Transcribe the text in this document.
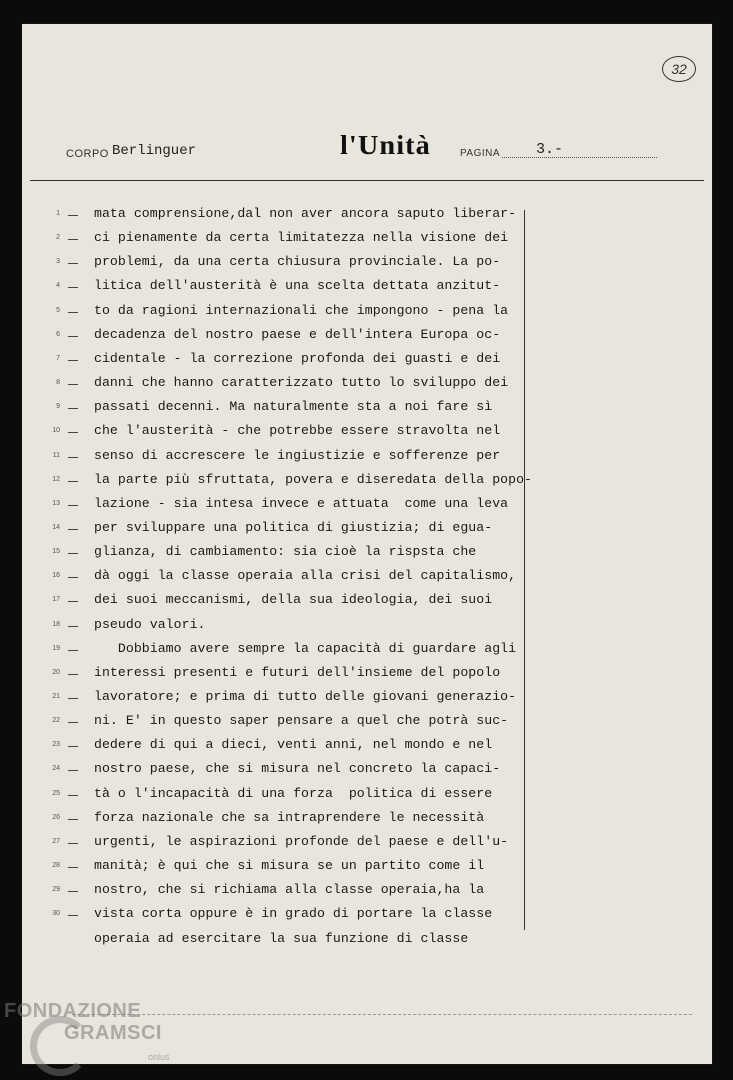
32
CORPO Berlinguer	l'Unità	PAGINA 3.-
1
2
3
4
5
6
7
8
9
10
11
12
13
14
15
16
17
18
19
20
21
22
23
24
25
26
27
28
29
30
mata comprensione,dal non aver ancora saputo liberar-
ci pienamente da certa limitatezza nella visione dei
problemi, da una certa chiusura provinciale. La po-
litica dell'austerità è una scelta dettata anzitut-
to da ragioni internazionali che impongono - pena la
decadenza del nostro paese e dell'intera Europa oc-
cidentale - la correzione profonda dei guasti e dei
danni che hanno caratterizzato tutto lo sviluppo dei
passati decenni. Ma naturalmente sta a noi fare sì
che l'austerità - che potrebbe essere stravolta nel
senso di accrescere le ingiustizie e sofferenze per
la parte più sfruttata, povera e diseredata della popo-
lazione - sia intesa invece e attuata  come una leva
per sviluppare una politica di giustizia; di egua-
glianza, di cambiamento: sia cioè la rispsta che
dà oggi la classe operaia alla crisi del capitalismo,
dei suoi meccanismi, della sua ideologia, dei suoi
pseudo valori.
Dobbiamo avere sempre la capacità di guardare agli
interessi presenti e futuri dell'insieme del popolo
lavoratore; e prima di tutto delle giovani generazio-
ni. E' in questo saper pensare a quel che potrà suc-
dedere di qui a dieci, venti anni, nel mondo e nel
nostro paese, che si misura nel concreto la capaci-
tà o l'incapacità di una forza  politica di essere
forza nazionale che sa intraprendere le necessità
urgenti, le aspirazioni profonde del paese e dell'u-
manità; è qui che si misura se un partito come il
nostro, che si richiama alla classe operaia,ha la
vista corta oppure è in grado di portare la classe
operaia ad esercitare la sua funzione di classe
FONDAZIONE
GRAMSCI
onlus
